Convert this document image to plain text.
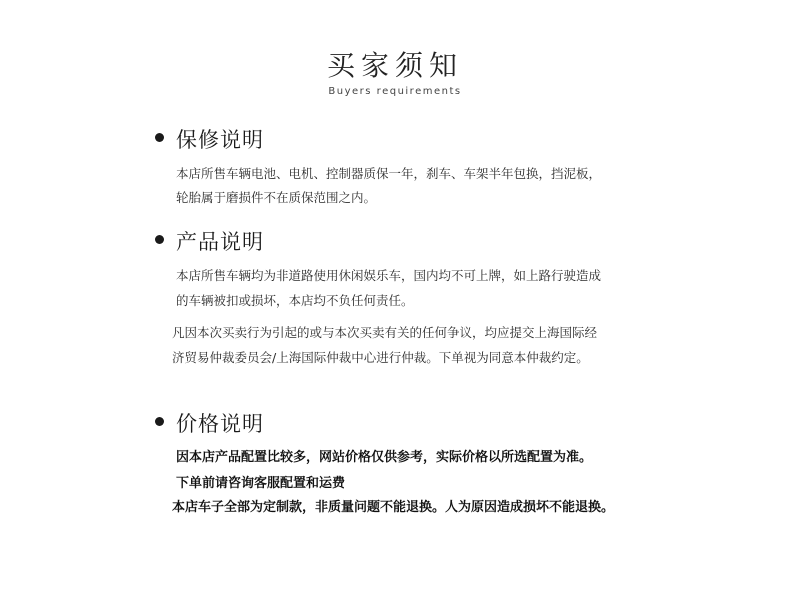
买家须知
Buyers requirements
保修说明
本店所售车辆电池、电机、控制器质保一年，刹车、车架半年包换，挡泥板，
轮胎属于磨损件不在质保范围之内。
产品说明
本店所售车辆均为非道路使用休闲娱乐车，国内均不可上牌，如上路行驶造成
的车辆被扣或损坏，本店均不负任何责任。
凡因本次买卖行为引起的或与本次买卖有关的任何争议，均应提交上海国际经
济贸易仲裁委员会/上海国际仲裁中心进行仲裁。下单视为同意本仲裁约定。
价格说明
因本店产品配置比较多，网站价格仅供参考，实际价格以所选配置为准。
下单前请咨询客服配置和运费
本店车子全部为定制款，非质量问题不能退换。人为原因造成损坏不能退换。
